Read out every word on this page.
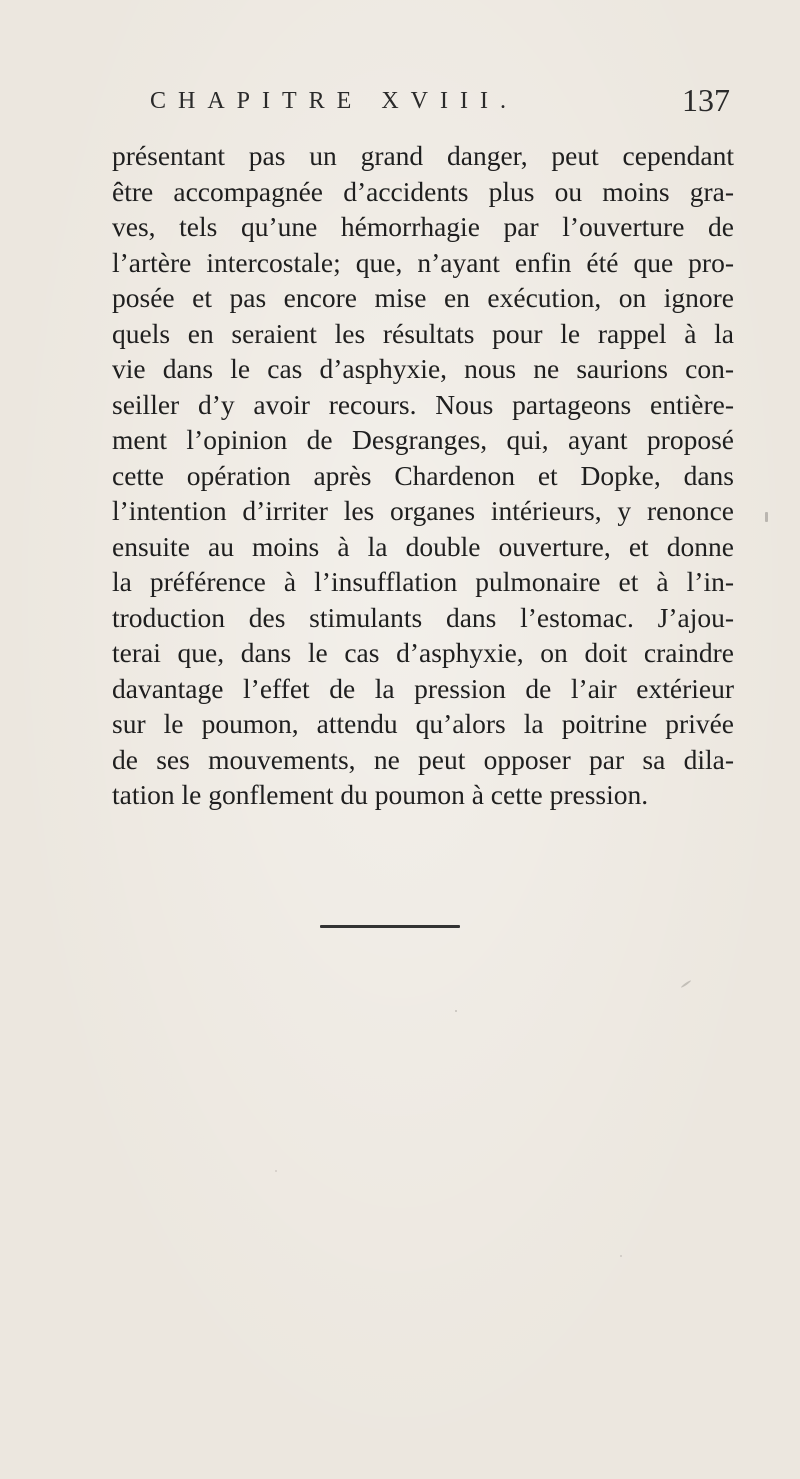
CHAPITRE XVIII.	137
présentant pas un grand danger, peut cependant
être accompagnée d’accidents plus ou moins gra-
ves, tels qu’une hémorrhagie par l’ouverture de
l’artère intercostale; que, n’ayant enfin été que pro-
posée et pas encore mise en exécution, on ignore
quels en seraient les résultats pour le rappel à la
vie dans le cas d’asphyxie, nous ne saurions con-
seiller d’y avoir recours. Nous partageons entière-
ment l’opinion de Desgranges, qui, ayant proposé
cette opération après Chardenon et Dopke, dans
l’intention d’irriter les organes intérieurs, y renonce
ensuite au moins à la double ouverture, et donne
la préférence à l’insufflation pulmonaire et à l’in-
troduction des stimulants dans l’estomac. J’ajou-
terai que, dans le cas d’asphyxie, on doit craindre
davantage l’effet de la pression de l’air extérieur
sur le poumon, attendu qu’alors la poitrine privée
de ses mouvements, ne peut opposer par sa dila-
tation le gonflement du poumon à cette pression.
